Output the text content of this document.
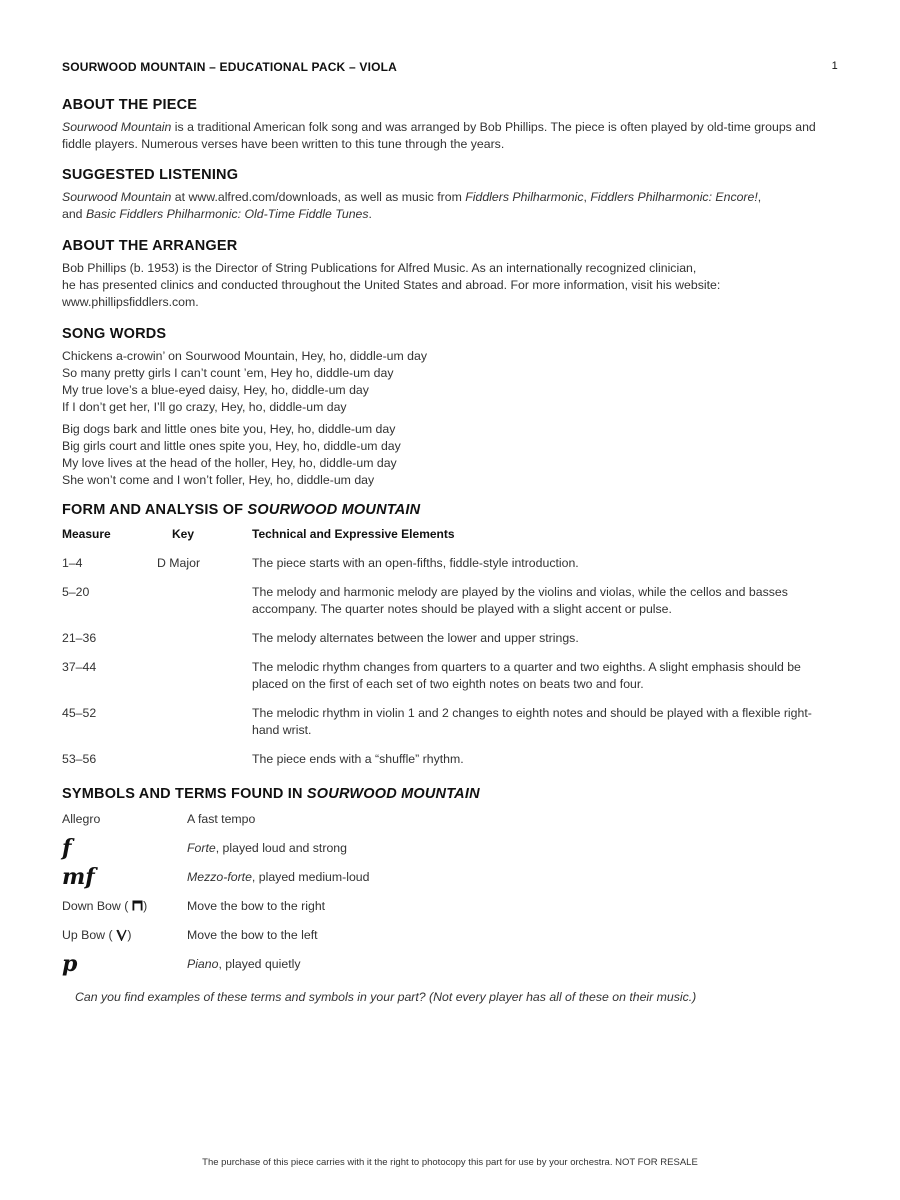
SOURWOOD MOUNTAIN – EDUCATIONAL PACK – VIOLA	1
ABOUT THE PIECE

Sourwood Mountain is a traditional American folk song and was arranged by Bob Phillips. The piece is often played by old-time groups and fiddle players. Numerous verses have been written to this tune through the years.

SUGGESTED LISTENING

Sourwood Mountain at www.alfred.com/downloads, as well as music from Fiddlers Philharmonic, Fiddlers Philharmonic: Encore!,
and Basic Fiddlers Philharmonic: Old-Time Fiddle Tunes.

ABOUT THE ARRANGER

Bob Phillips (b. 1953) is the Director of String Publications for Alfred Music. As an internationally recognized clinician,

he has presented clinics and conducted throughout the United States and abroad. For more information, visit his website:

www.phillipsfiddlers.com.

SONG WORDS
Chickens a-crowin’ on Sourwood Mountain, Hey, ho, diddle-um day
So many pretty girls I can’t count ’em, Hey ho, diddle-um day
My true love’s a blue-eyed daisy, Hey, ho, diddle-um day
If I don’t get her, I’ll go crazy, Hey, ho, diddle-um day
Big dogs bark and little ones bite you, Hey, ho, diddle-um day
Big girls court and little ones spite you, Hey, ho, diddle-um day
My love lives at the head of the holler, Hey, ho, diddle-um day
She won’t come and I won’t foller, Hey, ho, diddle-um day
FORM AND ANALYSIS OF SOURWOOD MOUNTAIN
Measure	Key	Technical and Expressive Elements
1–4	D Major	The piece starts with an open-fifths, fiddle-style introduction.
5–20		The melody and harmonic melody are played by the violins and violas, while the cellos and basses accompany. The quarter notes should be played with a slight accent or pulse.
21–36		The melody alternates between the lower and upper strings.
37–44		The melodic rhythm changes from quarters to a quarter and two eighths. A slight emphasis should be placed on the first of each set of two eighth notes on beats two and four.
45–52		The melodic rhythm in violin 1 and 2 changes to eighth notes and should be played with a flexible right-hand wrist.
53–56		The piece ends with a “shuffle” rhythm.
SYMBOLS AND TERMS FOUND IN SOURWOOD MOUNTAIN
Allegro	A fast tempo
f	Forte, played loud and strong
mf	Mezzo-forte, played medium-loud
Down Bow ( )	Move the bow to the right
Up Bow ( )	Move the bow to the left
p	Piano, played quietly
Can you find examples of these terms and symbols in your part? (Not every player has all of these on their music.)
The purchase of this piece carries with it the right to photocopy this part for use by your orchestra. NOT FOR RESALE
